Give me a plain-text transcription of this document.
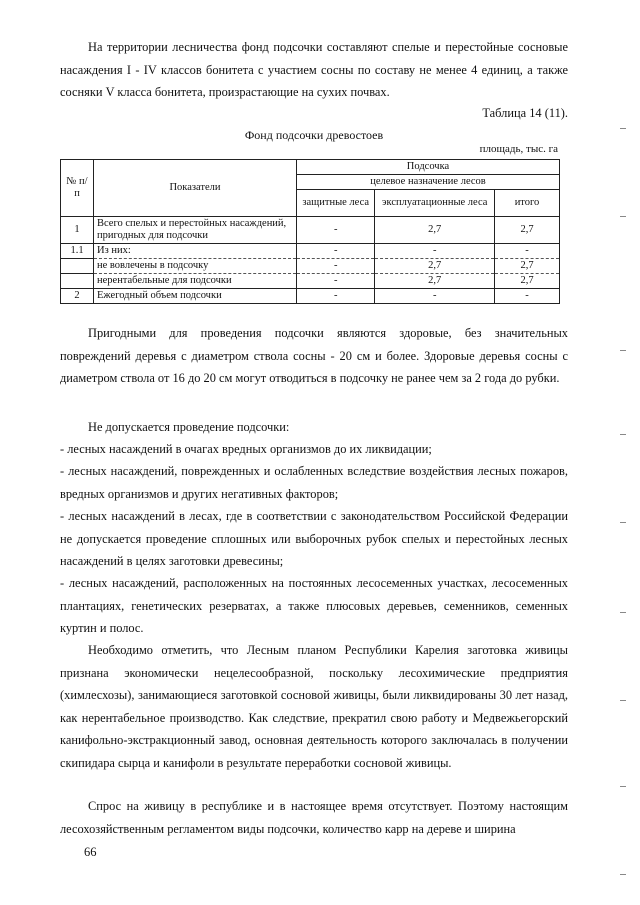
На территории лесничества фонд подсочки составляют спелые и перестойные сосновые насаждения I - IV классов бонитета с участием сосны по составу не менее 4 единиц, а также сосняки V класса бонитета, произрастающие на сухих почвах.
Таблица 14 (11).
Фонд подсочки древостоев
площадь, тыс. га
№ п/п	Показатели	Подсочка		
		целевое назначение лесов		
		защитные леса	эксплуатационные леса	итого
1	Всего спелых и перестойных насаждений, пригодных для подсочки	-	2,7	2,7
1.1	Из них:	-	-	-
	не вовлечены в подсочку	-	2,7	2,7
	нерентабельные для подсочки	-	2,7	2,7
2	Ежегодный объем подсочки	-	-	-
Пригодными для проведения подсочки являются здоровые, без значительных повреждений деревья с диаметром ствола сосны - 20 см и более. Здоровые деревья сосны с диаметром ствола от 16 до 20 см могут отводиться в подсочку не ранее чем за 2 года до рубки.
Не допускается проведение подсочки:
- лесных насаждений в очагах вредных организмов до их ликвидации;
- лесных насаждений, поврежденных и ослабленных вследствие воздействия лесных пожаров, вредных организмов и других негативных факторов;
- лесных насаждений в лесах, где в соответствии с законодательством Российской Федерации не допускается проведение сплошных или выборочных рубок спелых и перестойных лесных насаждений в целях заготовки древесины;
- лесных насаждений, расположенных на постоянных лесосеменных участках, лесосеменных плантациях, генетических резерватах, а также плюсовых деревьев, семенников, семенных куртин и полос.
Необходимо отметить, что Лесным планом Республики Карелия заготовка живицы признана экономически нецелесообразной, поскольку лесохимические предприятия (химлесхозы), занимающиеся заготовкой сосновой живицы, были ликвидированы 30 лет назад, как нерентабельное производство. Как следствие, прекратил свою работу и Медвежьегорский канифольно-экстракционный завод, основная деятельность которого заключалась в получении скипидара сырца и канифоли в результате переработки сосновой живицы.
Спрос на живицу в республике и в настоящее время отсутствует. Поэтому настоящим лесохозяйственным регламентом виды подсочки, количество карр на дереве и ширина
66
